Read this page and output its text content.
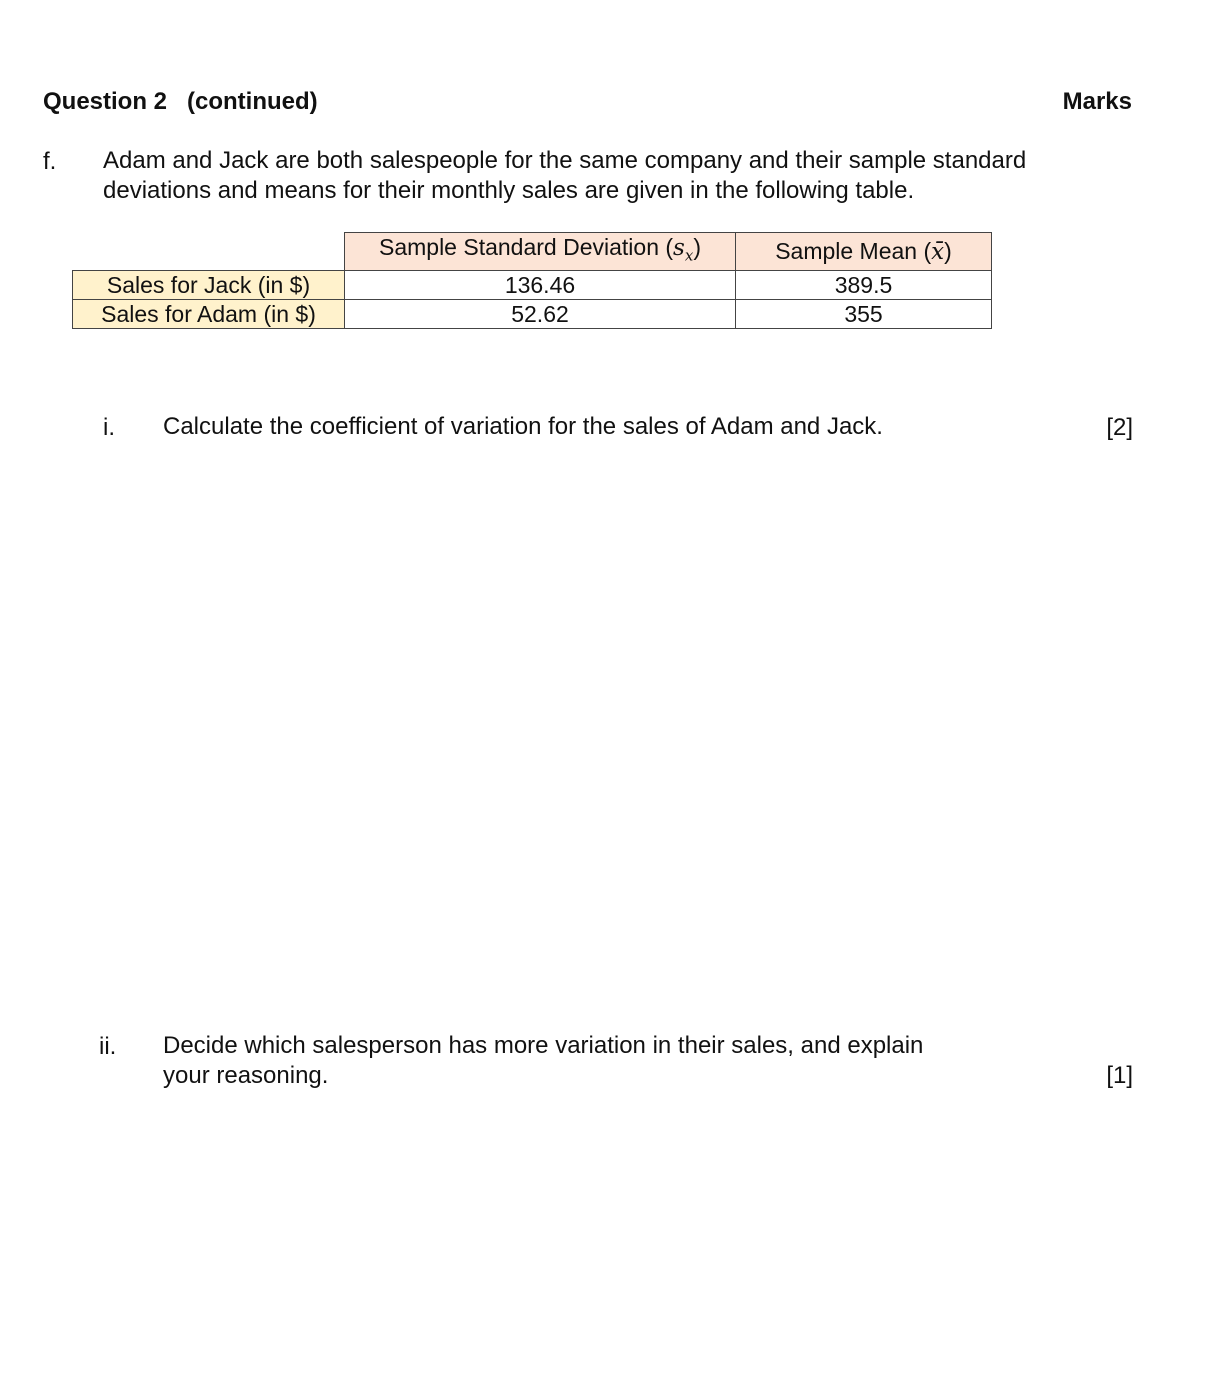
Question 2   (continued)	Marks
f. Adam and Jack are both salespeople for the same company and their sample standard deviations and means for their monthly sales are given in the following table.
	Sample Standard Deviation $(s_x)$	Sample Mean (x̄)
Sales for Jack (in $)	136.46	389.5
Sales for Adam (in $)	52.62	355
i. Calculate the coefficient of variation for the sales of Adam and Jack.	[2]
ii. Decide which salesperson has more variation in their sales, and explain
your reasoning.	[1]
